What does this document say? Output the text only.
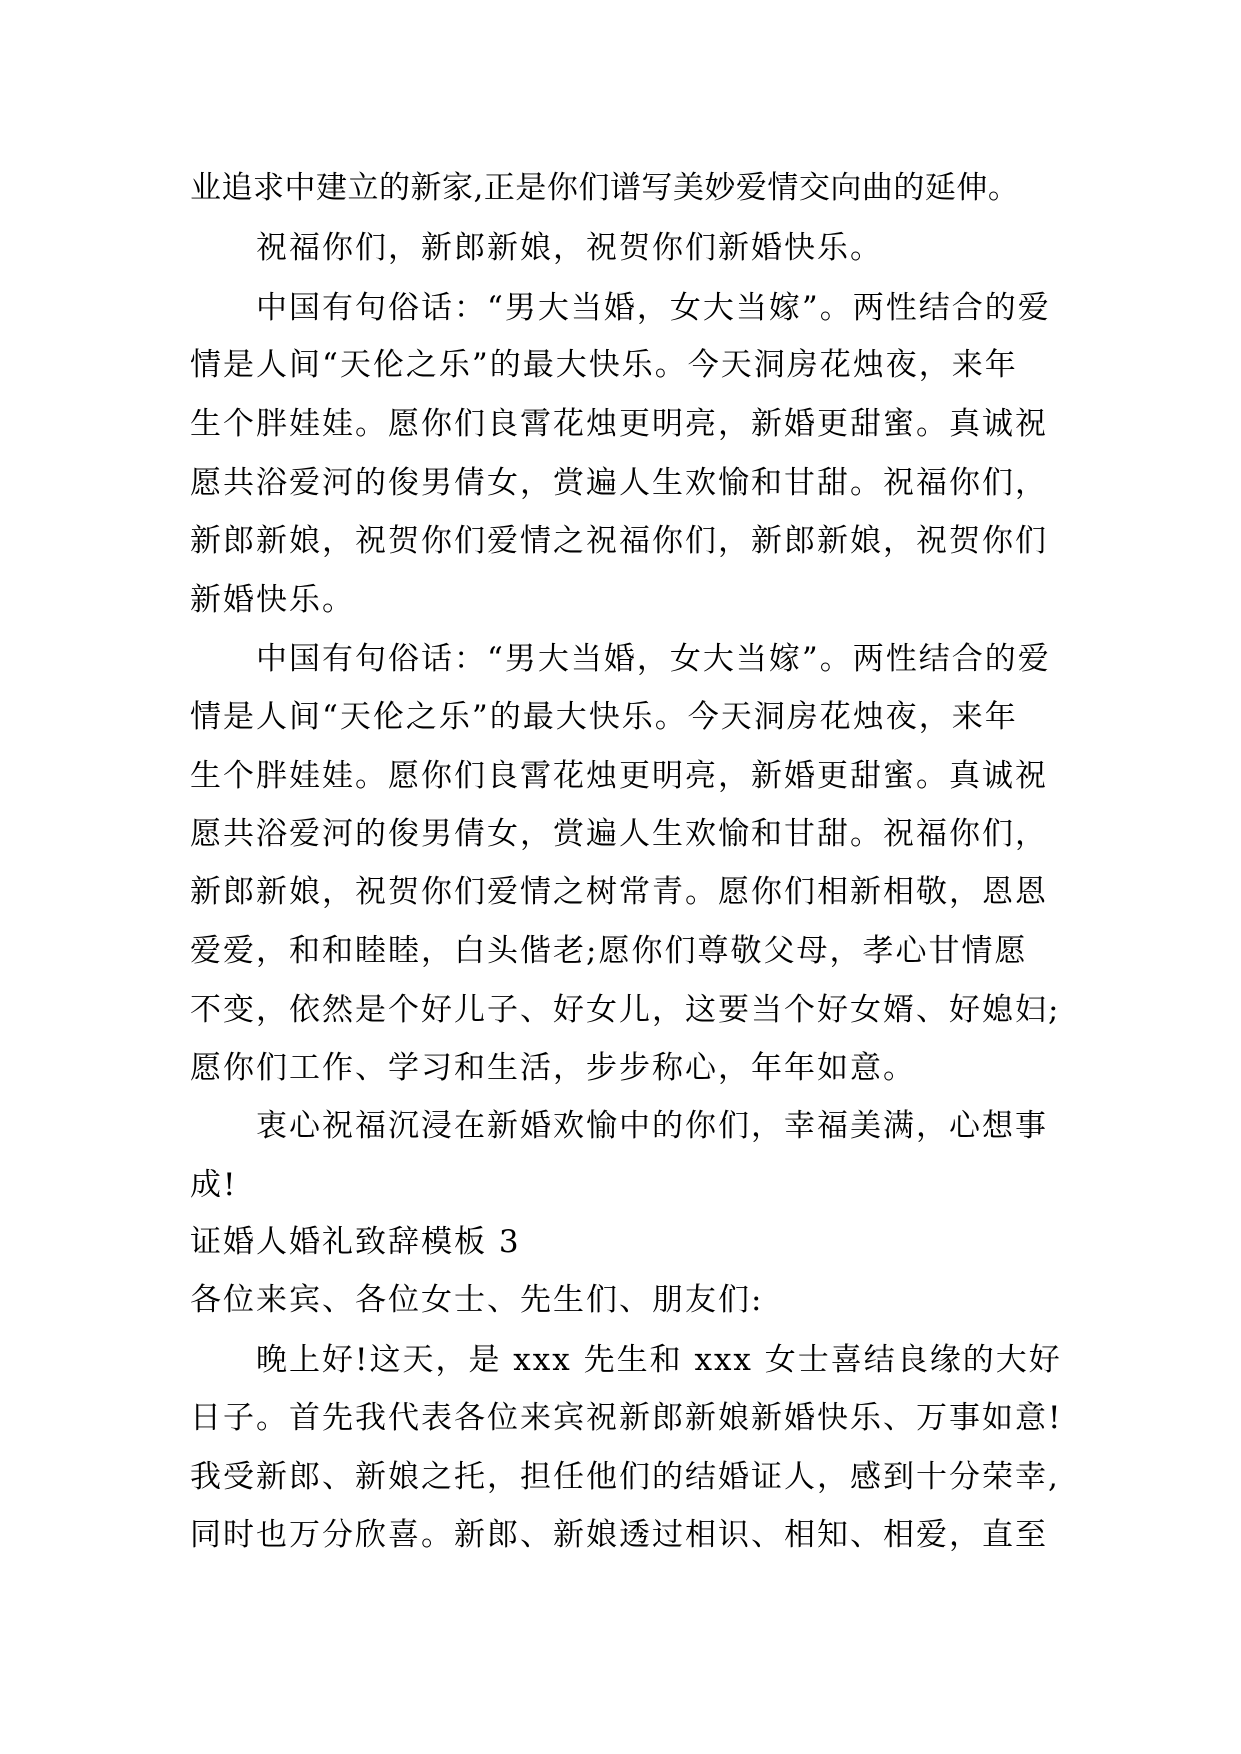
业追求中建立的新家,正是你们谱写美妙爱情交向曲的延伸。
祝福你们，新郎新娘，祝贺你们新婚快乐。
中国有句俗话：“男大当婚，女大当嫁”。两性结合的爱
情是人间“天伦之乐”的最大快乐。今天洞房花烛夜，来年
生个胖娃娃。愿你们良霄花烛更明亮，新婚更甜蜜。真诚祝
愿共浴爱河的俊男倩女，赏遍人生欢愉和甘甜。祝福你们，
新郎新娘，祝贺你们爱情之祝福你们，新郎新娘，祝贺你们
新婚快乐。
中国有句俗话：“男大当婚，女大当嫁”。两性结合的爱
情是人间“天伦之乐”的最大快乐。今天洞房花烛夜，来年
生个胖娃娃。愿你们良霄花烛更明亮，新婚更甜蜜。真诚祝
愿共浴爱河的俊男倩女，赏遍人生欢愉和甘甜。祝福你们，
新郎新娘，祝贺你们爱情之树常青。愿你们相新相敬，恩恩
爱爱，和和睦睦，白头偕老;愿你们尊敬父母，孝心甘情愿
不变，依然是个好儿子、好女儿，这要当个好女婿、好媳妇;
愿你们工作、学习和生活，步步称心，年年如意。
衷心祝福沉浸在新婚欢愉中的你们，幸福美满，心想事
成!
证婚人婚礼致辞模板 3
各位来宾、各位女士、先生们、朋友们:
晚上好!这天，是 xxx 先生和 xxx 女士喜结良缘的大好
日子。首先我代表各位来宾祝新郎新娘新婚快乐、万事如意!
我受新郎、新娘之托，担任他们的结婚证人，感到十分荣幸,
同时也万分欣喜。新郎、新娘透过相识、相知、相爱，直至
